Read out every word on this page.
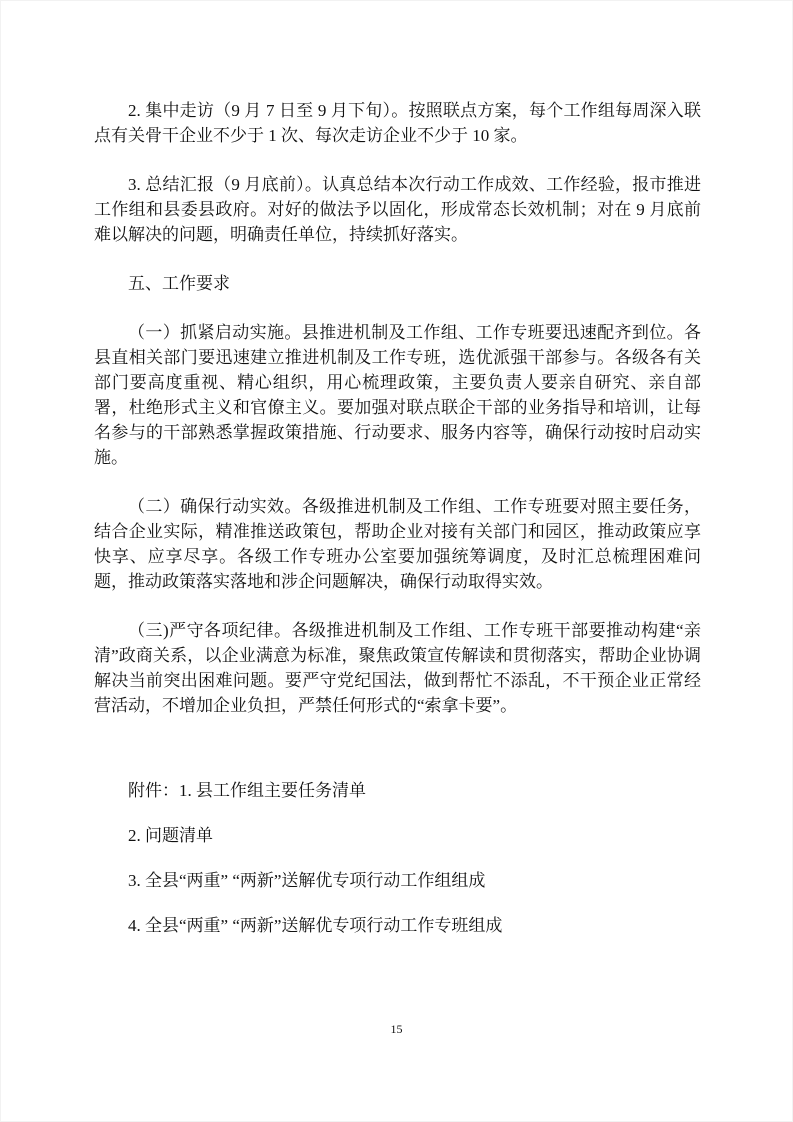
2. 集中走访（9 月 7 日至 9 月下旬）。按照联点方案，每个工作组每周深入联点有关骨干企业不少于 1 次、每次走访企业不少于 10 家。

3. 总结汇报（9 月底前）。认真总结本次行动工作成效、工作经验，报市推进工作组和县委县政府。对好的做法予以固化，形成常态长效机制；对在 9 月底前难以解决的问题，明确责任单位，持续抓好落实。

五、工作要求

（一）抓紧启动实施。县推进机制及工作组、工作专班要迅速配齐到位。各县直相关部门要迅速建立推进机制及工作专班，选优派强干部参与。各级各有关部门要高度重视、精心组织，用心梳理政策，主要负责人要亲自研究、亲自部署，杜绝形式主义和官僚主义。要加强对联点联企干部的业务指导和培训，让每名参与的干部熟悉掌握政策措施、行动要求、服务内容等，确保行动按时启动实施。

（二）确保行动实效。各级推进机制及工作组、工作专班要对照主要任务，结合企业实际，精准推送政策包，帮助企业对接有关部门和园区，推动政策应享快享、应享尽享。各级工作专班办公室要加强统筹调度，及时汇总梳理困难问题，推动政策落实落地和涉企问题解决，确保行动取得实效。

（三)严守各项纪律。各级推进机制及工作组、工作专班干部要推动构建“亲清”政商关系，以企业满意为标准，聚焦政策宣传解读和贯彻落实，帮助企业协调解决当前突出困难问题。要严守党纪国法，做到帮忙不添乱，不干预企业正常经营活动，不增加企业负担，严禁任何形式的“索拿卡要”。

附件：1. 县工作组主要任务清单

2. 问题清单

3. 全县“两重” “两新”送解优专项行动工作组组成

4. 全县“两重” “两新”送解优专项行动工作专班组成

15
